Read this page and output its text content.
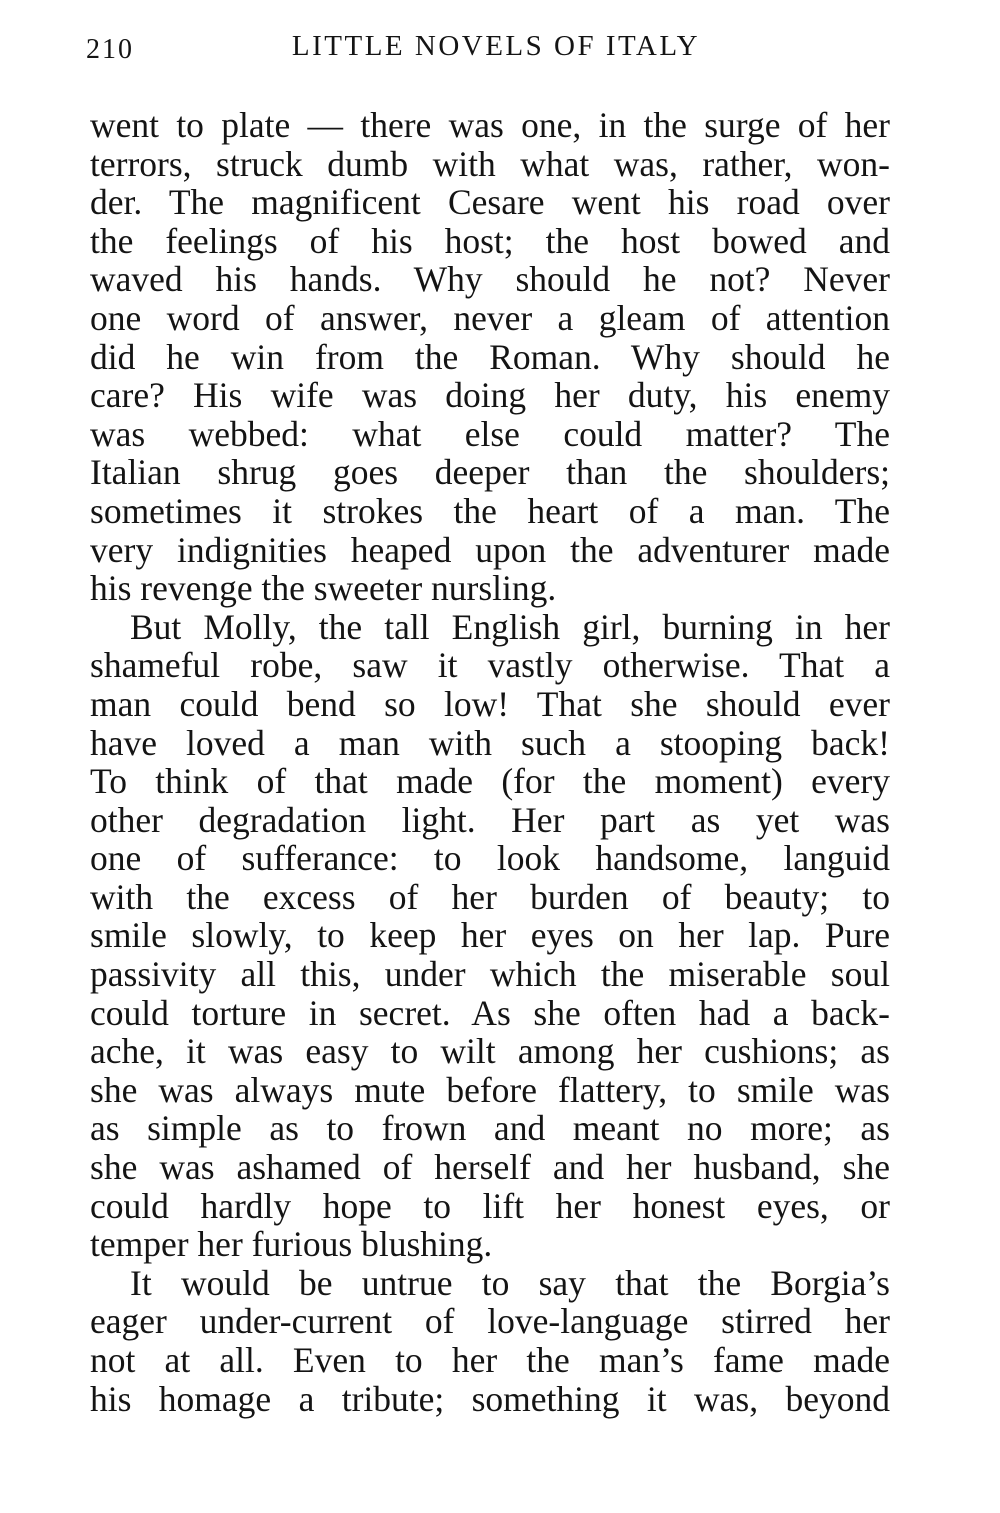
210	LITTLE NOVELS OF ITALY
went to plate — there was one, in the surge of her
terrors, struck dumb with what was, rather, won-
der. The magnificent Cesare went his road over
the feelings of his host; the host bowed and
waved his hands. Why should he not? Never
one word of answer, never a gleam of attention
did he win from the Roman. Why should he
care? His wife was doing her duty, his enemy
was webbed: what else could matter? The
Italian shrug goes deeper than the shoulders;
sometimes it strokes the heart of a man. The
very indignities heaped upon the adventurer made
his revenge the sweeter nursling.
But Molly, the tall English girl, burning in her
shameful robe, saw it vastly otherwise. That a
man could bend so low! That she should ever
have loved a man with such a stooping back!
To think of that made (for the moment) every
other degradation light. Her part as yet was
one of sufferance: to look handsome, languid
with the excess of her burden of beauty; to
smile slowly, to keep her eyes on her lap. Pure
passivity all this, under which the miserable soul
could torture in secret. As she often had a back-
ache, it was easy to wilt among her cushions; as
she was always mute before flattery, to smile was
as simple as to frown and meant no more; as
she was ashamed of herself and her husband, she
could hardly hope to lift her honest eyes, or
temper her furious blushing.
It would be untrue to say that the Borgia’s
eager under-current of love-language stirred her
not at all. Even to her the man’s fame made
his homage a tribute; something it was, beyond
